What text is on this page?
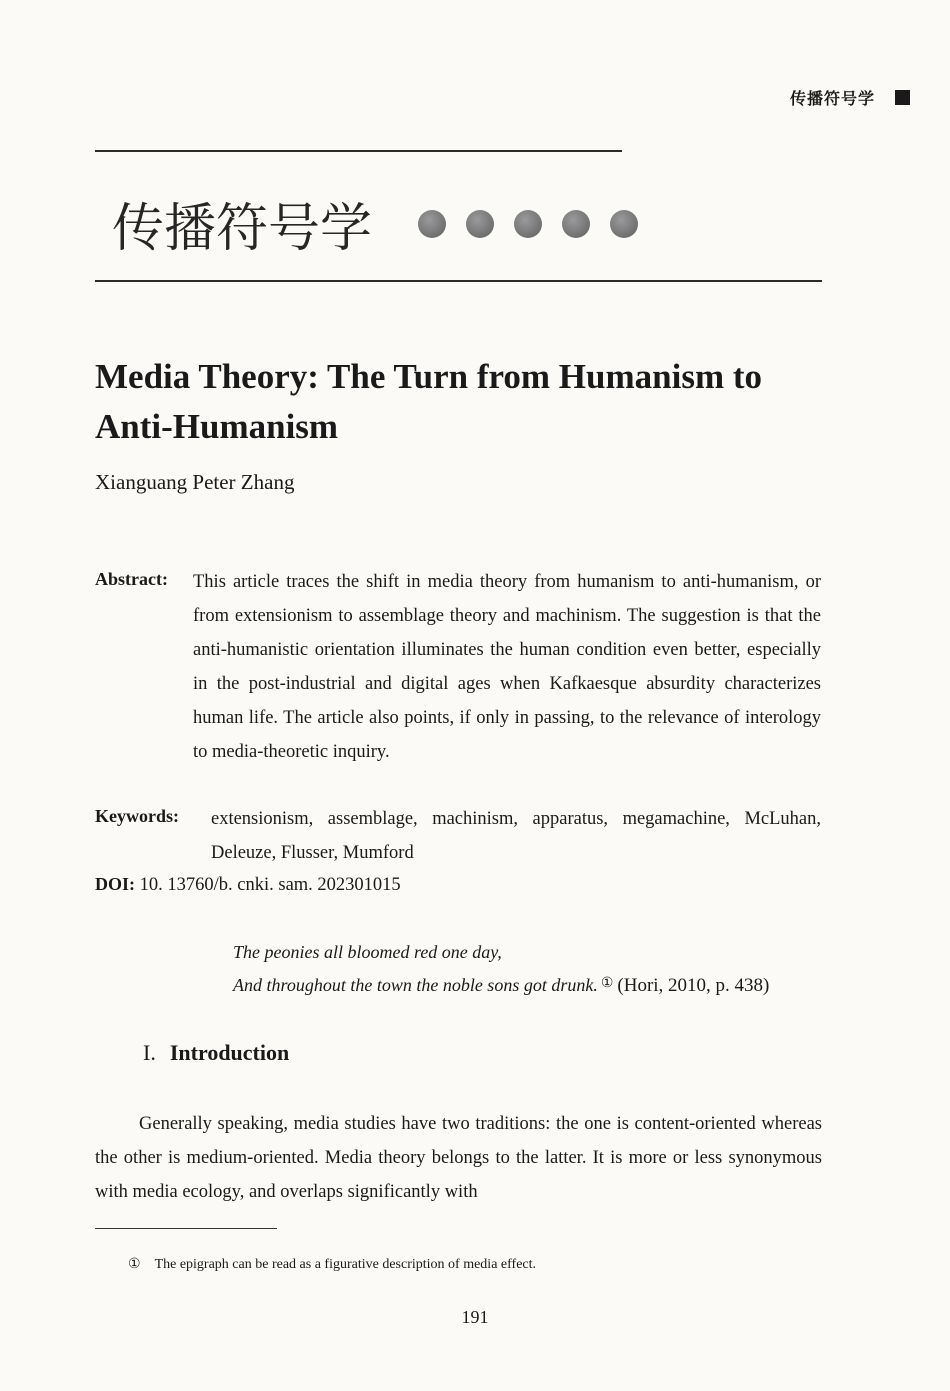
传播符号学
传播符号学
Media Theory: The Turn from Humanism to Anti-Humanism
Xianguang Peter Zhang
Abstract: This article traces the shift in media theory from humanism to anti-humanism, or from extensionism to assemblage theory and machinism. The suggestion is that the anti-humanistic orientation illuminates the human condition even better, especially in the post-industrial and digital ages when Kafkaesque absurdity characterizes human life. The article also points, if only in passing, to the relevance of interology to media-theoretic inquiry.
Keywords: extensionism, assemblage, machinism, apparatus, megamachine, McLuhan, Deleuze, Flusser, Mumford
DOI: 10. 13760/b. cnki. sam. 202301015
The peonies all bloomed red one day,
And throughout the town the noble sons got drunk. ① (Hori, 2010, p. 438)
I. Introduction
Generally speaking, media studies have two traditions: the one is content-oriented whereas the other is medium-oriented. Media theory belongs to the latter. It is more or less synonymous with media ecology, and overlaps significantly with
① The epigraph can be read as a figurative description of media effect.
191
